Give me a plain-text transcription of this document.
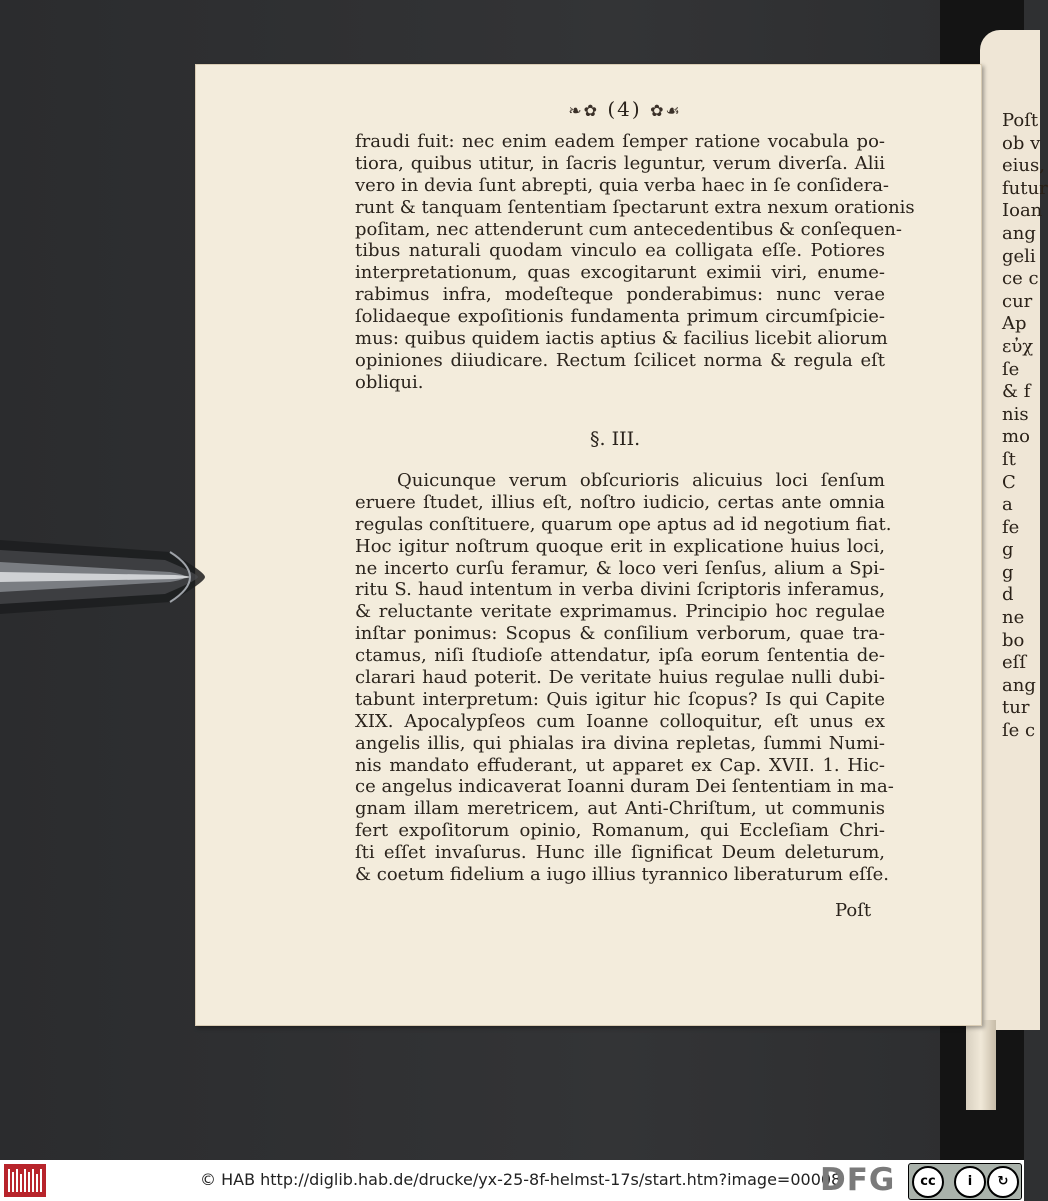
Poſt
ob v
eius,
futur
Ioan
ang
geli
ce c
cur
Ap
εὐχ
ſe
& f
nis
mo
ſt
C
a
fe
g
g
d
ne
bo
eſſ
ang
tur
ſe c
❧✿ (4) ✿☙
fraudi fuit: nec enim eadem ſemper ratione vocabula po-
tiora, quibus utitur, in ſacris leguntur, verum diverſa. Alii
vero in devia ſunt abrepti, quia verba haec in ſe conſidera-
runt & tanquam ſententiam ſpectarunt extra nexum orationis
poſitam, nec attenderunt cum antecedentibus & conſequen-
tibus naturali quodam vinculo ea colligata eſſe. Potiores
interpretationum, quas excogitarunt eximii viri, enume-
rabimus infra, modeſteque ponderabimus: nunc verae
ſolidaeque expoſitionis fundamenta primum circumſpicie-
mus: quibus quidem iactis aptius & facilius licebit aliorum
opiniones diiudicare. Rectum ſcilicet norma & regula eſt
obliqui.
§. III.
Quicunque verum obſcurioris alicuius loci ſenſum
eruere ſtudet, illius eſt, noſtro iudicio, certas ante omnia
regulas conſtituere, quarum ope aptus ad id negotium fiat.
Hoc igitur noſtrum quoque erit in explicatione huius loci,
ne incerto curſu feramur, & loco veri ſenſus, alium a Spi-
ritu S. haud intentum in verba divini ſcriptoris inferamus,
& reluctante veritate exprimamus. Principio hoc regulae
inſtar ponimus: Scopus & conſilium verborum, quae tra-
ctamus, niſi ſtudioſe attendatur, ipſa eorum ſententia de-
clarari haud poterit. De veritate huius regulae nulli dubi-
tabunt interpretum: Quis igitur hic ſcopus? Is qui Capite
XIX. Apocalypſeos cum Ioanne colloquitur, eſt unus ex
angelis illis, qui phialas ira divina repletas, ſummi Numi-
nis mandato effuderant, ut apparet ex Cap. XVII. 1. Hic-
ce angelus indicaverat Ioanni duram Dei ſententiam in ma-
gnam illam meretricem, aut Anti-Chriſtum, ut communis
fert expoſitorum opinio, Romanum, qui Eccleſiam Chri-
ſti eſſet invaſurus. Hunc ille ſignificat Deum deleturum,
& coetum fidelium a iugo illius tyrannico liberaturum eſſe.
Poſt
© HAB http://diglib.hab.de/drucke/yx-25-8f-helmst-17s/start.htm?image=00008
DFG	cc	i	↻
